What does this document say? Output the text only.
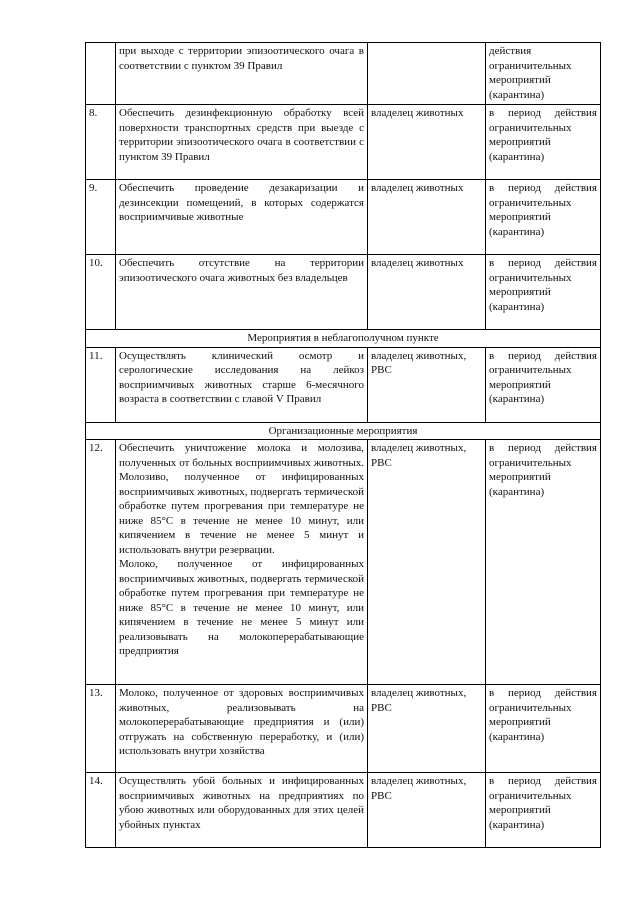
	при выходе с территории эпизоотического очага в соответствии с пунктом 39 Правил		действия ограничительных мероприятий (карантина)
8.	Обеспечить дезинфекционную обработку всей поверхности транспортных средств при выезде с территории эпизоотического очага в соответствии с пунктом 39 Правил	владелец животных	в период действия ограничительных мероприятий (карантина)
9.	Обеспечить проведение дезакаризации и дезинсекции помещений, в которых содержатся восприимчивые животные	владелец животных	в период действия ограничительных мероприятий (карантина)
10.	Обеспечить отсутствие на территории эпизоотического очага животных без владельцев	владелец животных	в период действия ограничительных мероприятий (карантина)
Мероприятия в неблагополучном пункте			
11.	Осуществлять клинический осмотр и серологические исследования на лейкоз восприимчивых животных старше 6-месячного возраста в соответствии с главой V Правил	владелец животных, РВС	в период действия ограничительных мероприятий (карантина)
Организационные мероприятия			
12.	Обеспечить уничтожение молока и молозива, полученных от больных восприимчивых животных. Молозиво, полученное от инфицированных восприимчивых животных, подвергать термической обработке путем прогревания при температуре не ниже 85°С в течение не менее 10 минут, или кипячением в течение не менее 5 минут и использовать внутри резервации.
Молоко, полученное от инфицированных восприимчивых животных, подвергать термической обработке путем прогревания при температуре не ниже 85°С в течение не менее 10 минут, или кипячением в течение не менее 5 минут или реализовывать на молокоперерабатывающие предприятия	владелец животных, РВС	в период действия ограничительных мероприятий (карантина)
13.	Молоко, полученное от здоровых восприимчивых животных, реализовывать на молокоперерабатывающие предприятия и (или) отгружать на собственную переработку, и (или) использовать внутри хозяйства	владелец животных, РВС	в период действия ограничительных мероприятий (карантина)
14.	Осуществлять убой больных и инфицированных восприимчивых животных на предприятиях по убою животных или оборудованных для этих целей убойных пунктах	владелец животных, РВС	в период действия ограничительных мероприятий (карантина)
